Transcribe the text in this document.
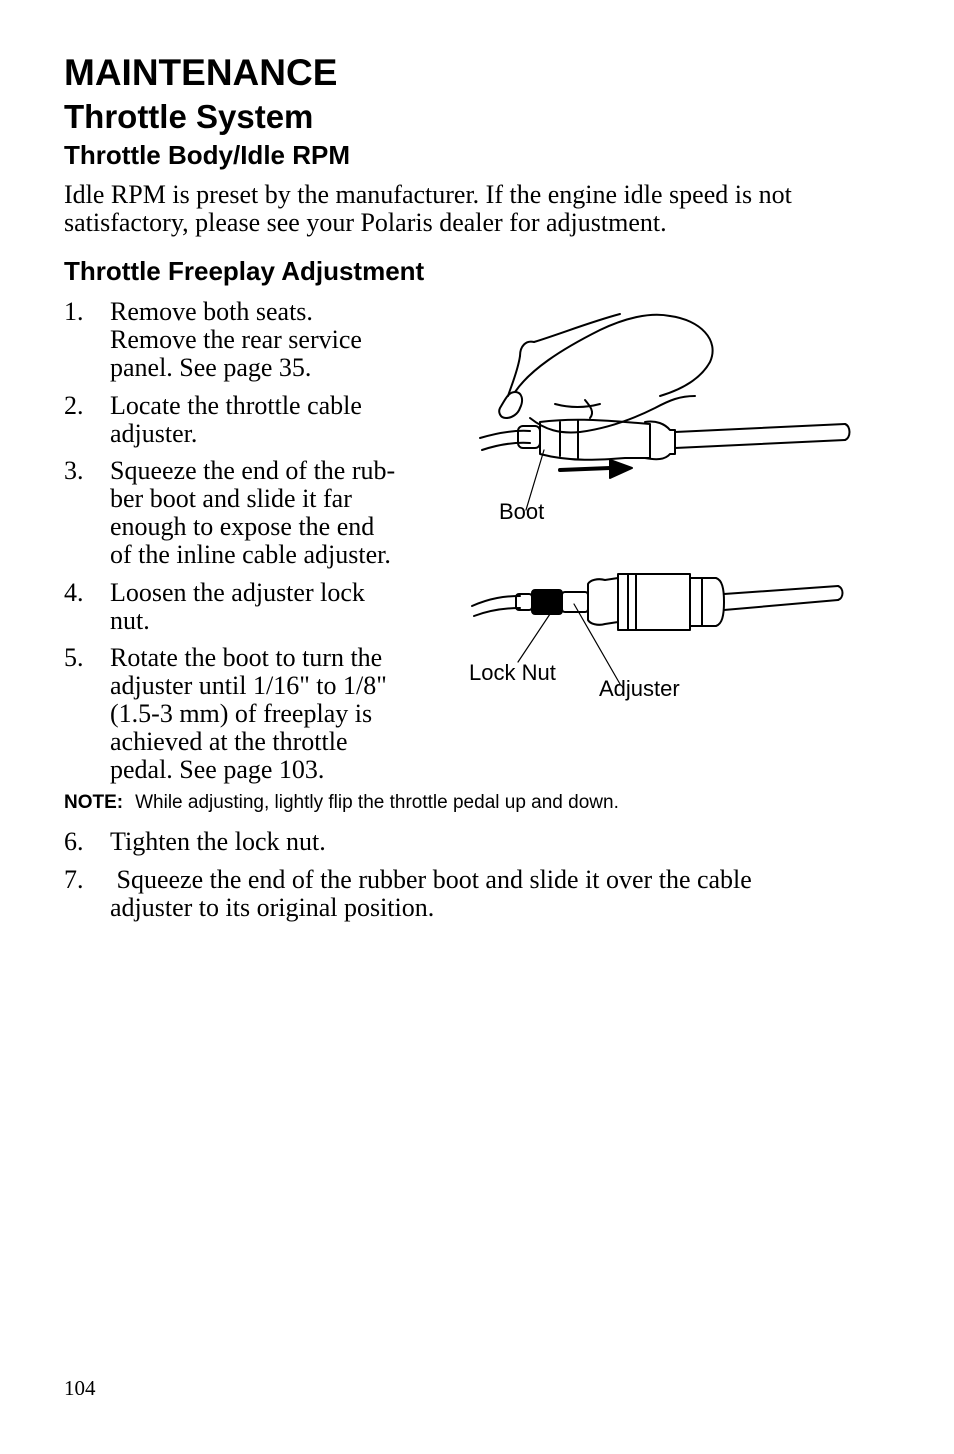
MAINTENANCE
Throttle System
Throttle Body/Idle RPM
Idle RPM is preset by the manufacturer. If the engine idle speed is not satisfactory, please see your Polaris dealer for adjustment.
Throttle Freeplay Adjustment
1. Remove both seats.
Remove the rear service
panel. See page 35.
2. Locate the throttle cable
adjuster.
3. Squeeze the end of the rub-
ber boot and slide it far
enough to expose the end
of the inline cable adjuster.
4. Loosen the adjuster lock
nut.
5. Rotate the boot to turn the
adjuster until 1/16" to 1/8"
(1.5-3 mm) of freeplay is
achieved at the throttle
pedal. See page 103.
NOTE: While adjusting, lightly flip the throttle pedal up and down.
6. Tighten the lock nut.
7. Squeeze the end of the rubber boot and slide it over the cable
adjuster to its original position.
Boot
Lock Nut
Adjuster
104
